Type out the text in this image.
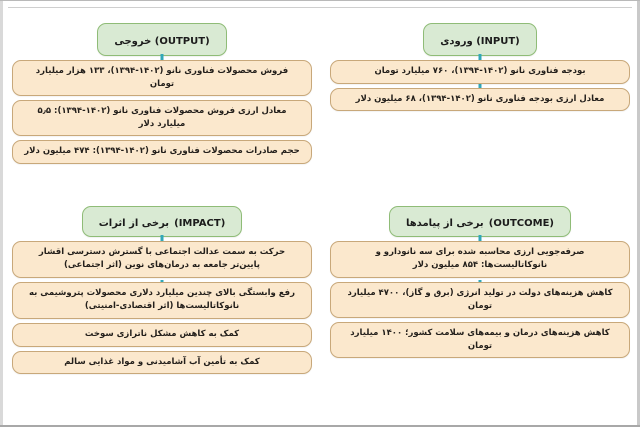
خروجی (OUTPUT)
فروش محصولات فناوری نانو (۱۴۰۲-۱۳۹۴)، ۱۳۳ هزار میلیارد تومان
معادل ارزی فروش محصولات فناوری نانو (۱۴۰۲-۱۳۹۴): ۵٫۵ میلیارد دلار
حجم صادرات محصولات فناوری نانو (۱۴۰۲-۱۳۹۴): ۴۷۴ میلیون دلار
ورودی (INPUT)
بودجه فناوری نانو (۱۴۰۲-۱۳۹۴)، ۷۶۰ میلیارد تومان
معادل ارزی بودجه فناوری نانو (۱۴۰۲-۱۳۹۴)، ۶۸ میلیون دلار
برخی از اثرات (IMPACT)
حرکت به سمت عدالت اجتماعی با گسترش دسترسی اقشار پایین‌تر جامعه به درمان‌های نوین (اثر اجتماعی)
رفع وابستگی بالای چندین میلیارد دلاری محصولات پتروشیمی به نانوکاتالیست‌ها (اثر اقتصادی-امنیتی)
کمک به کاهش مشکل ناترازی سوخت
کمک به تأمین آب آشامیدنی و مواد غذایی سالم
برخی از پیامدها (OUTCOME)
صرفه‌جویی ارزی محاسبه شده برای سه نانودارو و نانوکاتالیست‌ها: ۸۵۴ میلیون دلار
کاهش هزینه‌های دولت در تولید انرژی (برق و گاز)، ۴۷۰۰ میلیارد تومان
کاهش هزینه‌های درمان و بیمه‌های سلامت کشور؛ ۱۴۰۰ میلیارد تومان
